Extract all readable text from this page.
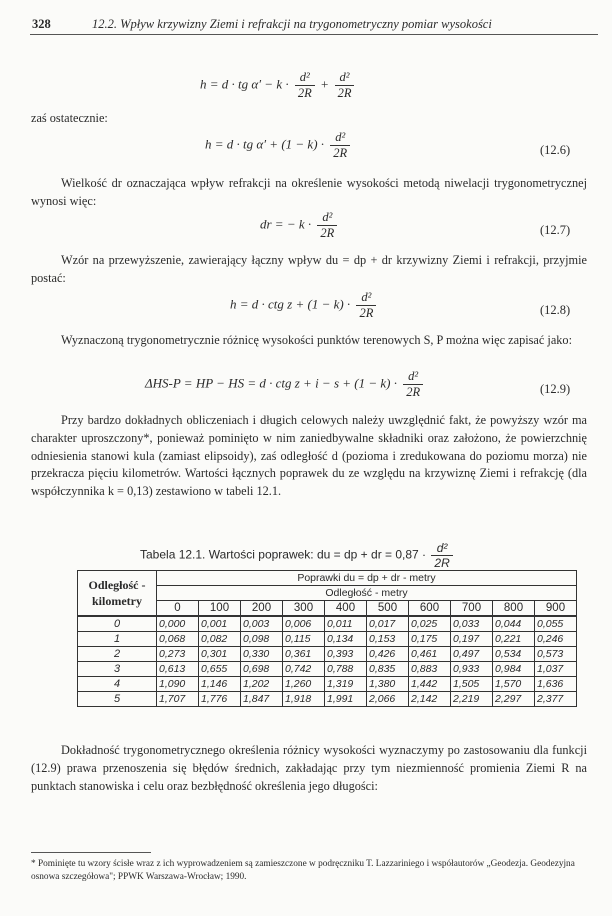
328	12.2. Wpływ krzywizny Ziemi i refrakcji na trygonometryczny pomiar wysokości
h = d · tg $\alpha' - k \cdot \frac{\text{d²}}{2R} + \frac{\text{d²}}{2R}$
zaś ostatecznie:
h = d · tg $\alpha' + (1 - k) \cdot \frac{\text{d²}}{2R}$	(12.6)
Wielkość dr oznaczająca wpływ refrakcji na określenie wysokości metodą niwelacji trygonometrycznej wynosi więc:
dr = − $k \cdot \frac{\text{d²}}{2R}$	(12.7)
Wzór na przewyższenie, zawierający łączny wpływ du = dp + dr krzywizny Ziemi i refrakcji, przyjmie postać:
h = d · ctg $z + (1 - k) \cdot \frac{\text{d²}}{2R}$	(12.8)
Wyznaczoną trygonometrycznie różnicę wysokości punktów terenowych S, P można więc zapisać jako:
ΔHS-P = HP − HS = d · ctg $z + i - s + (1 - k) \cdot \frac{\text{d²}}{2R}$	(12.9)
Przy bardzo dokładnych obliczeniach i długich celowych należy uwzględnić fakt, że powyższy wzór ma charakter uproszczony*, ponieważ pominięto w nim zaniedbywalne składniki oraz założono, że powierzchnię odniesienia stanowi kula (zamiast elipsoidy), zaś odległość d (pozioma i zredukowana do poziomu morza) nie przekracza pięciu kilometrów. Wartości łącznych poprawek du ze względu na krzywiznę Ziemi i refrakcję (dla współczynnika k = 0,13) zestawiono w tabeli 12.1.
Tabela 12.1. Wartości poprawek: du = dp + dr = $0,87 \cdot \frac{\text{d²}}{2R}$
Odległość - kilometry	Poprawki du = dp + dr - metry									
	Odległość - metry									
	0	100	200	300	400	500	600	700	800	900
0	0,000	0,001	0,003	0,006	0,011	0,017	0,025	0,033	0,044	0,055
1	0,068	0,082	0,098	0,115	0,134	0,153	0,175	0,197	0,221	0,246
2	0,273	0,301	0,330	0,361	0,393	0,426	0,461	0,497	0,534	0,573
3	0,613	0,655	0,698	0,742	0,788	0,835	0,883	0,933	0,984	1,037
4	1,090	1,146	1,202	1,260	1,319	1,380	1,442	1,505	1,570	1,636
5	1,707	1,776	1,847	1,918	1,991	2,066	2,142	2,219	2,297	2,377
Dokładność trygonometrycznego określenia różnicy wysokości wyznaczymy po zastosowaniu dla funkcji (12.9) prawa przenoszenia się błędów średnich, zakładając przy tym niezmienność promienia Ziemi R na punktach stanowiska i celu oraz bezbłędność określenia jego długości:
* Pominięte tu wzory ścisłe wraz z ich wyprowadzeniem są zamieszczone w podręczniku T. Lazzariniego i współautorów „Geodezja. Geodezyjna osnowa szczegółowa"; PPWK Warszawa-Wrocław; 1990.
